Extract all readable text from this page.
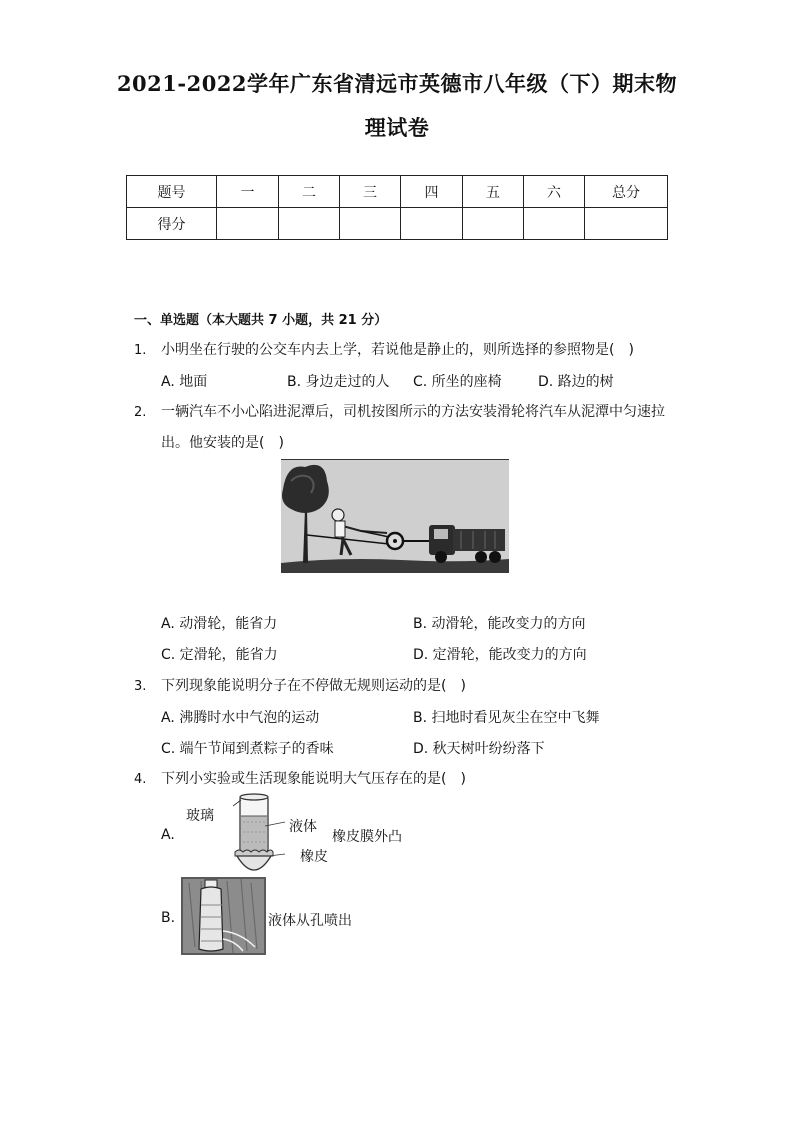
2021-2022学年广东省清远市英德市八年级（下）期末物
理试卷
题号	一	二	三	四	五	六	总分
得分							
一、单选题（本大题共 7 小题，共 21 分）
1. 小明坐在行驶的公交车内去上学，若说他是静止的，则所选择的参照物是(　)
A. 地面	B. 身边走过的人 C. 所坐的座椅	D. 路边的树
2. 一辆汽车不小心陷进泥潭后，司机按图所示的方法安装滑轮将汽车从泥潭中匀速拉
出。他安装的是(　)
A. 动滑轮，能省力	B. 动滑轮，能改变力的方向
C. 定滑轮，能省力	D. 定滑轮，能改变力的方向
3. 下列现象能说明分子在不停做无规则运动的是(　)
A. 沸腾时水中气泡的运动	B. 扫地时看见灰尘在空中飞舞
C. 端午节闻到煮粽子的香味	D. 秋天树叶纷纷落下
4. 下列小实验或生活现象能说明大气压存在的是(　)
A.
玻璃
液体
橡皮膜外凸
橡皮
B.	液体从孔喷出
